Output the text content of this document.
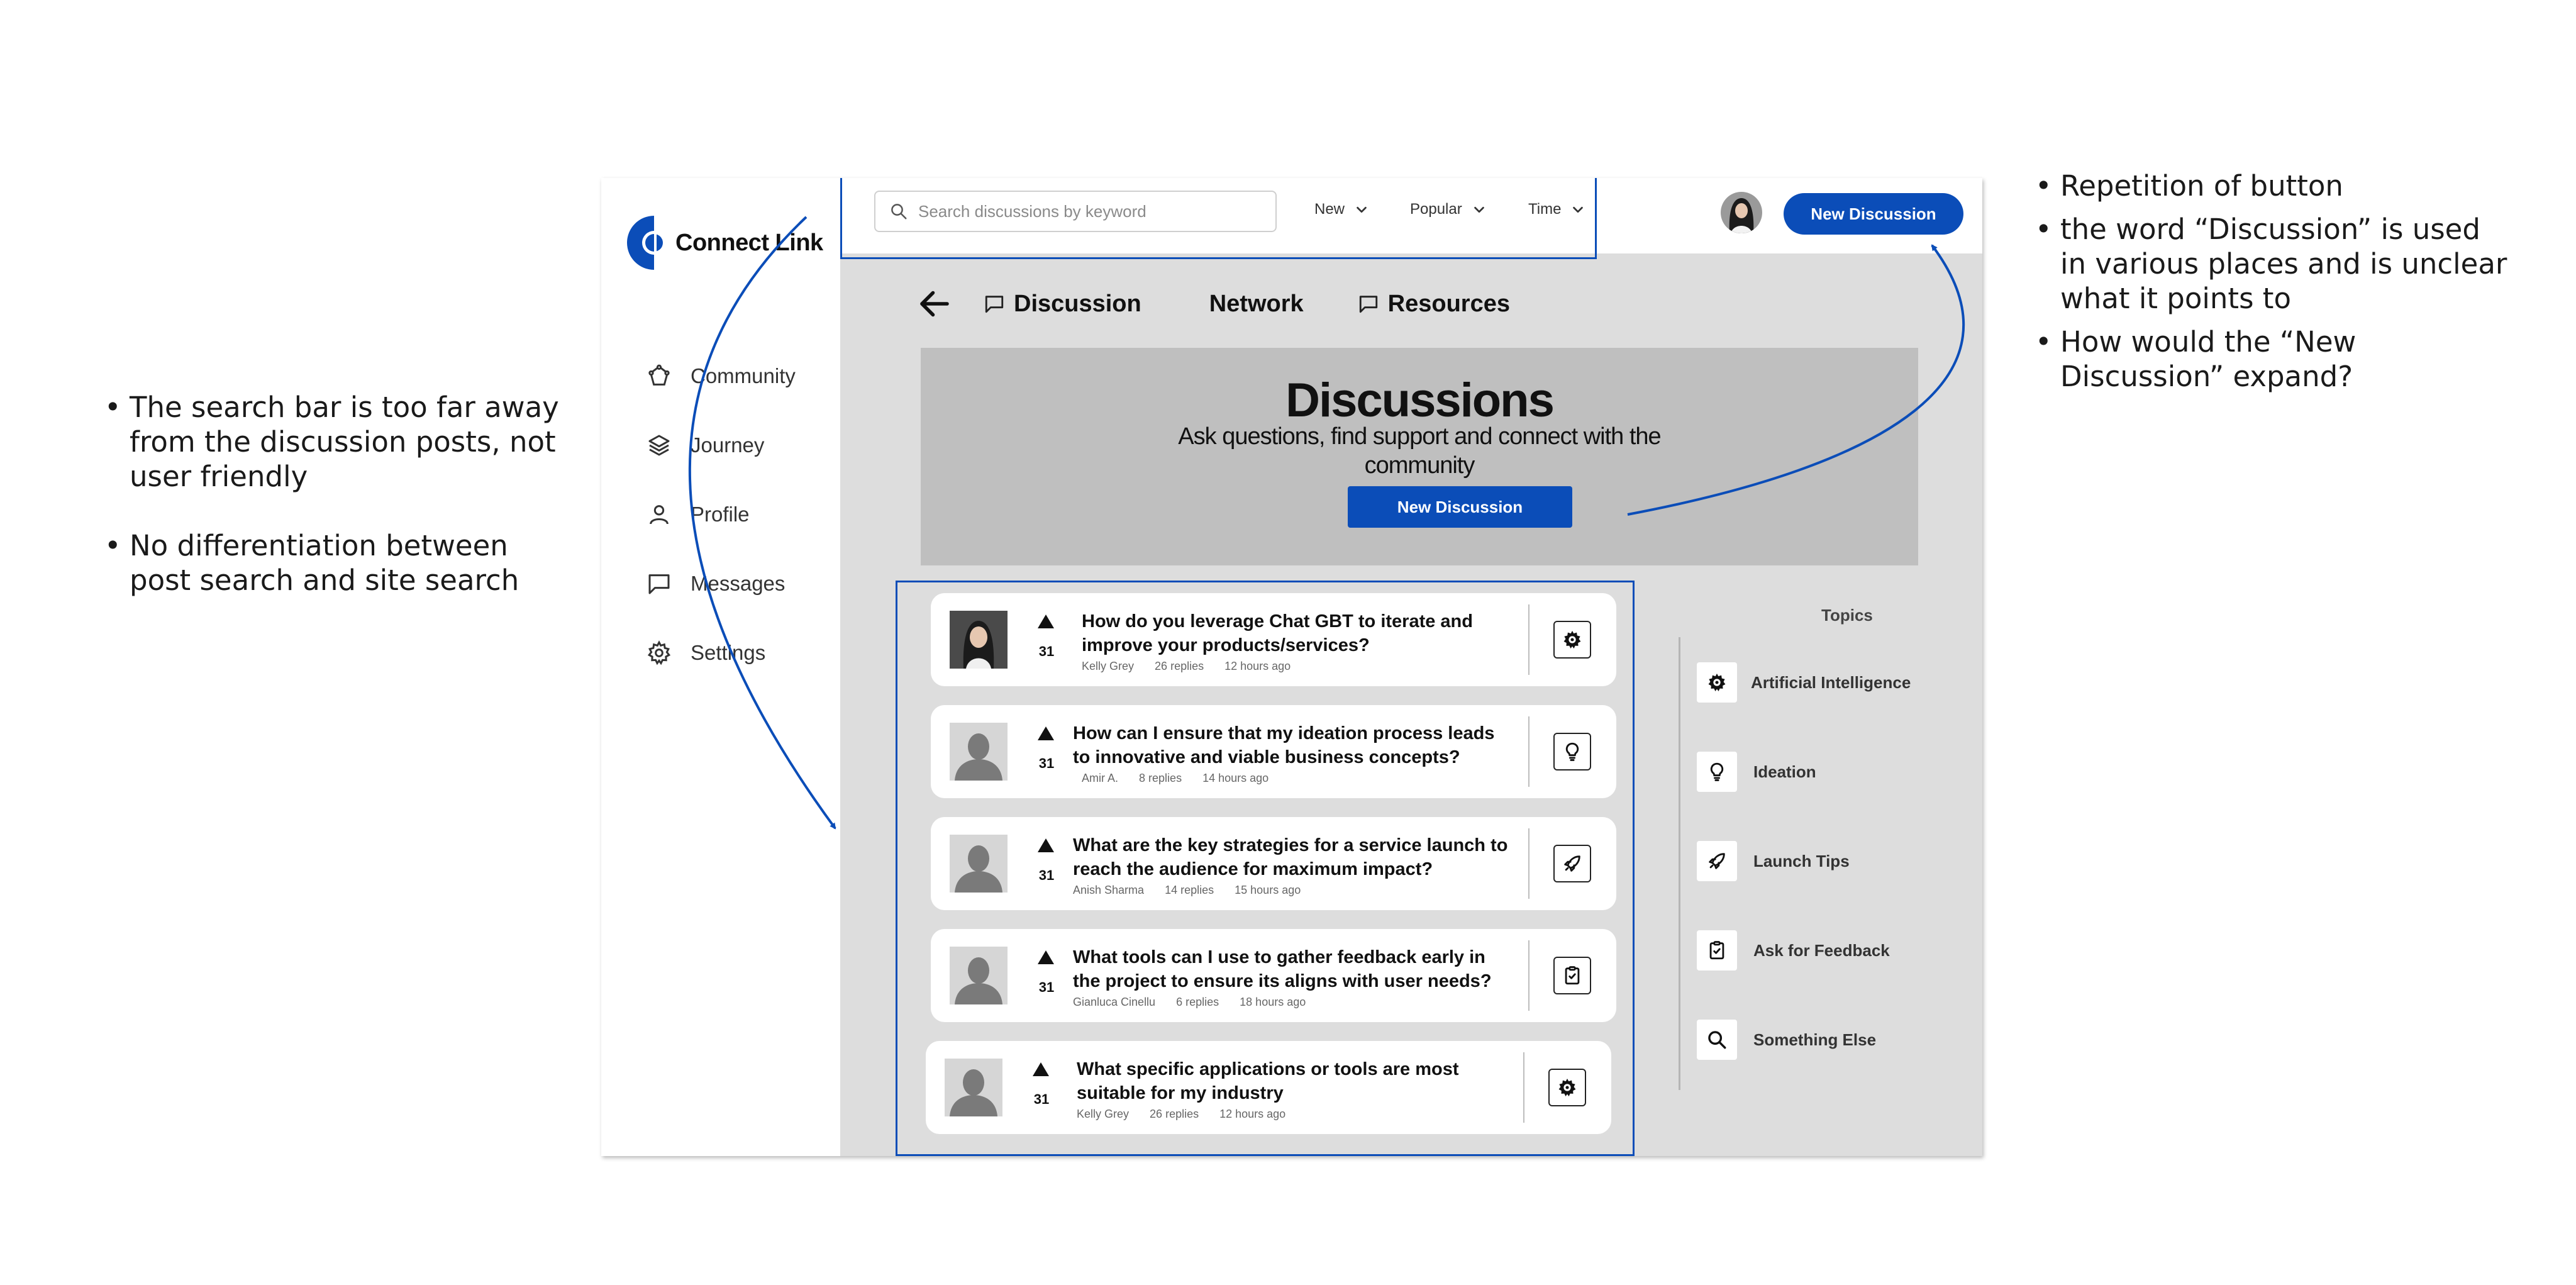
• The search bar is too far away from the discussion posts, not user friendly
• No differentiation between post search and site search
• Repetition of button
• the word “Discussion” is used in various places and is unclear what it points to
• How would the “New Discussion” expand?
Connect Link
Community
Journey
Profile
Messages
Settings
Discussion	Network	Resources
Discussions
Ask questions, find support and connect with the community
New Discussion
31
How do you leverage Chat GBT to iterate and improve your products/services?
Kelly Grey 26 replies 12 hours ago
31
How can I ensure that my ideation process leads to innovative and viable business concepts?
Amir A. 8 replies 14 hours ago
31
What are the key strategies for a service launch to reach the audience for maximum impact?
Anish Sharma 14 replies 15 hours ago
31
What tools can I use to gather feedback early in the project to ensure its aligns with user needs?
Gianluca Cinellu 6 replies 18 hours ago
31
What specific applications or tools are most suitable for my industry
Kelly Grey 26 replies 12 hours ago
Topics
Artificial Intelligence
Ideation
Launch Tips
Ask for Feedback
Something Else
Search discussions by keyword	New	Popular	Time	New Discussion
